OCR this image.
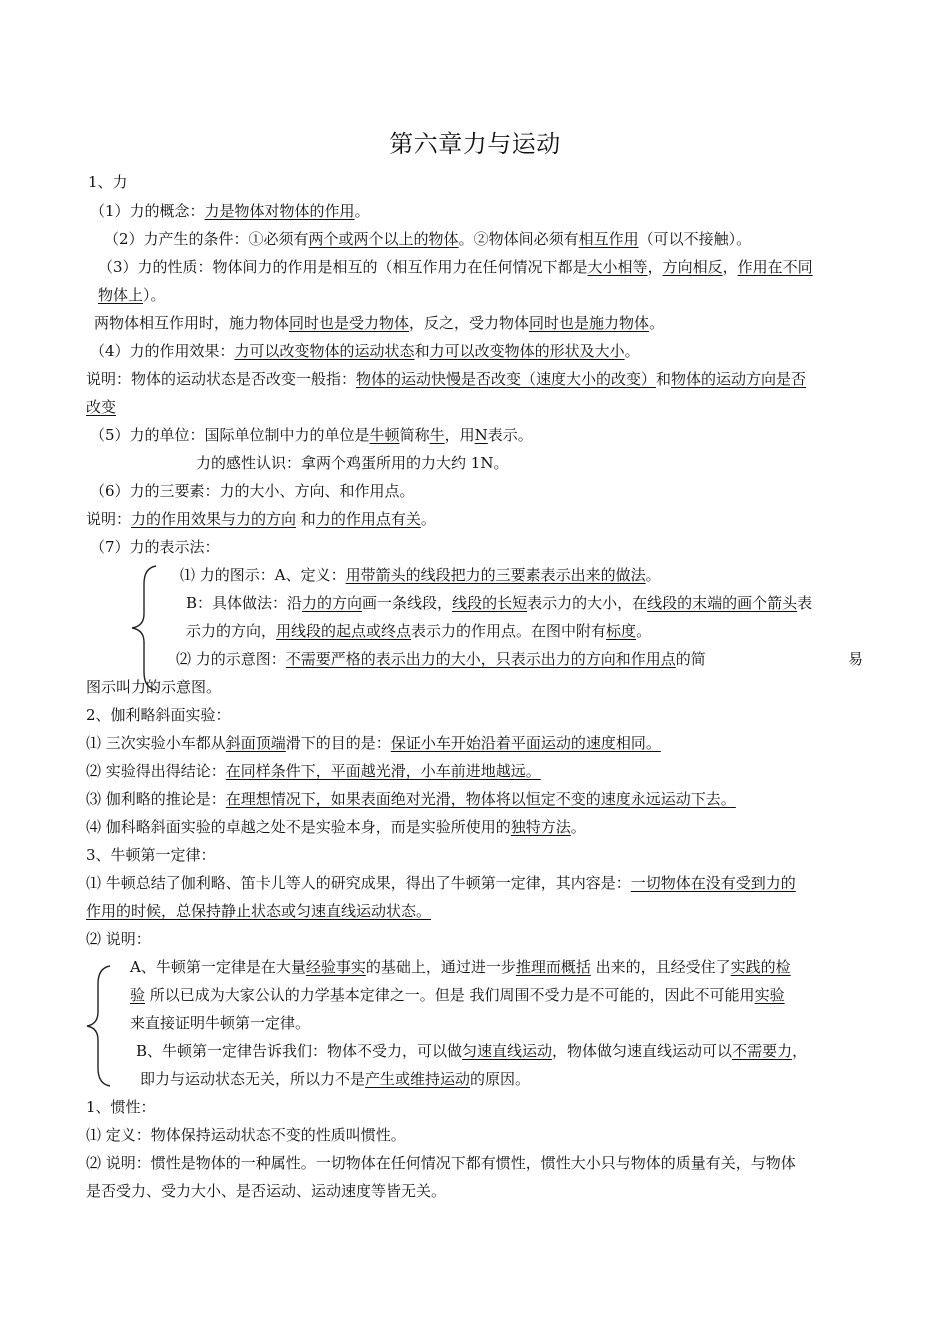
第六章力与运动
1、力
（1）力的概念：力是物体对物体的作用。
（2）力产生的条件：①必须有两个或两个以上的物体。②物体间必须有相互作用（可以不接触）。
（3）力的性质：物体间力的作用是相互的（相互作用力在任何情况下都是大小相等，方向相反，作用在不同
物体上）。
两物体相互作用时，施力物体同时也是受力物体，反之，受力物体同时也是施力物体。
（4）力的作用效果：力可以改变物体的运动状态和力可以改变物体的形状及大小。
说明：物体的运动状态是否改变一般指：物体的运动快慢是否改变（速度大小的改变）和物体的运动方向是否
改变
（5）力的单位：国际单位制中力的单位是牛顿简称牛，用N表示。
力的感性认识：拿两个鸡蛋所用的力大约 1N。
（6）力的三要素：力的大小、方向、和作用点。
说明：力的作用效果与力的方向 和力的作用点有关。
（7）力的表示法：
⑴ 力的图示：A、定义：用带箭头的线段把力的三要素表示出来的做法。
B：具体做法：沿力的方向画一条线段，线段的长短表示力的大小，在线段的末端的画个箭头表
示力的方向，用线段的起点或终点表示力的作用点。在图中附有标度。
⑵ 力的示意图：不需要严格的表示出力的大小，只表示出力的方向和作用点的简	易
图示叫力的示意图。
2、伽利略斜面实验：
⑴ 三次实验小车都从斜面顶端滑下的目的是：保证小车开始沿着平面运动的速度相同。
⑵ 实验得出得结论：在同样条件下，平面越光滑，小车前进地越远。
⑶ 伽利略的推论是：在理想情况下，如果表面绝对光滑，物体将以恒定不变的速度永远运动下去。
⑷ 伽科略斜面实验的卓越之处不是实验本身，而是实验所使用的独特方法。
3、牛顿第一定律：
⑴ 牛顿总结了伽利略、笛卡儿等人的研究成果，得出了牛顿第一定律，其内容是：一切物体在没有受到力的
作用的时候，总保持静止状态或匀速直线运动状态。
⑵ 说明：
A、牛顿第一定律是在大量经验事实的基础上，通过进一步推理而概括 出来的，且经受住了实践的检
验 所以已成为大家公认的力学基本定律之一。但是 我们周围不受力是不可能的，因此不可能用实验
来直接证明牛顿第一定律。
B、牛顿第一定律告诉我们：物体不受力，可以做匀速直线运动，物体做匀速直线运动可以不需要力，
即力与运动状态无关，所以力不是产生或维持运动的原因。
1、惯性：
⑴ 定义：物体保持运动状态不变的性质叫惯性。
⑵ 说明：惯性是物体的一种属性。一切物体在任何情况下都有惯性，惯性大小只与物体的质量有关，与物体
是否受力、受力大小、是否运动、运动速度等皆无关。
